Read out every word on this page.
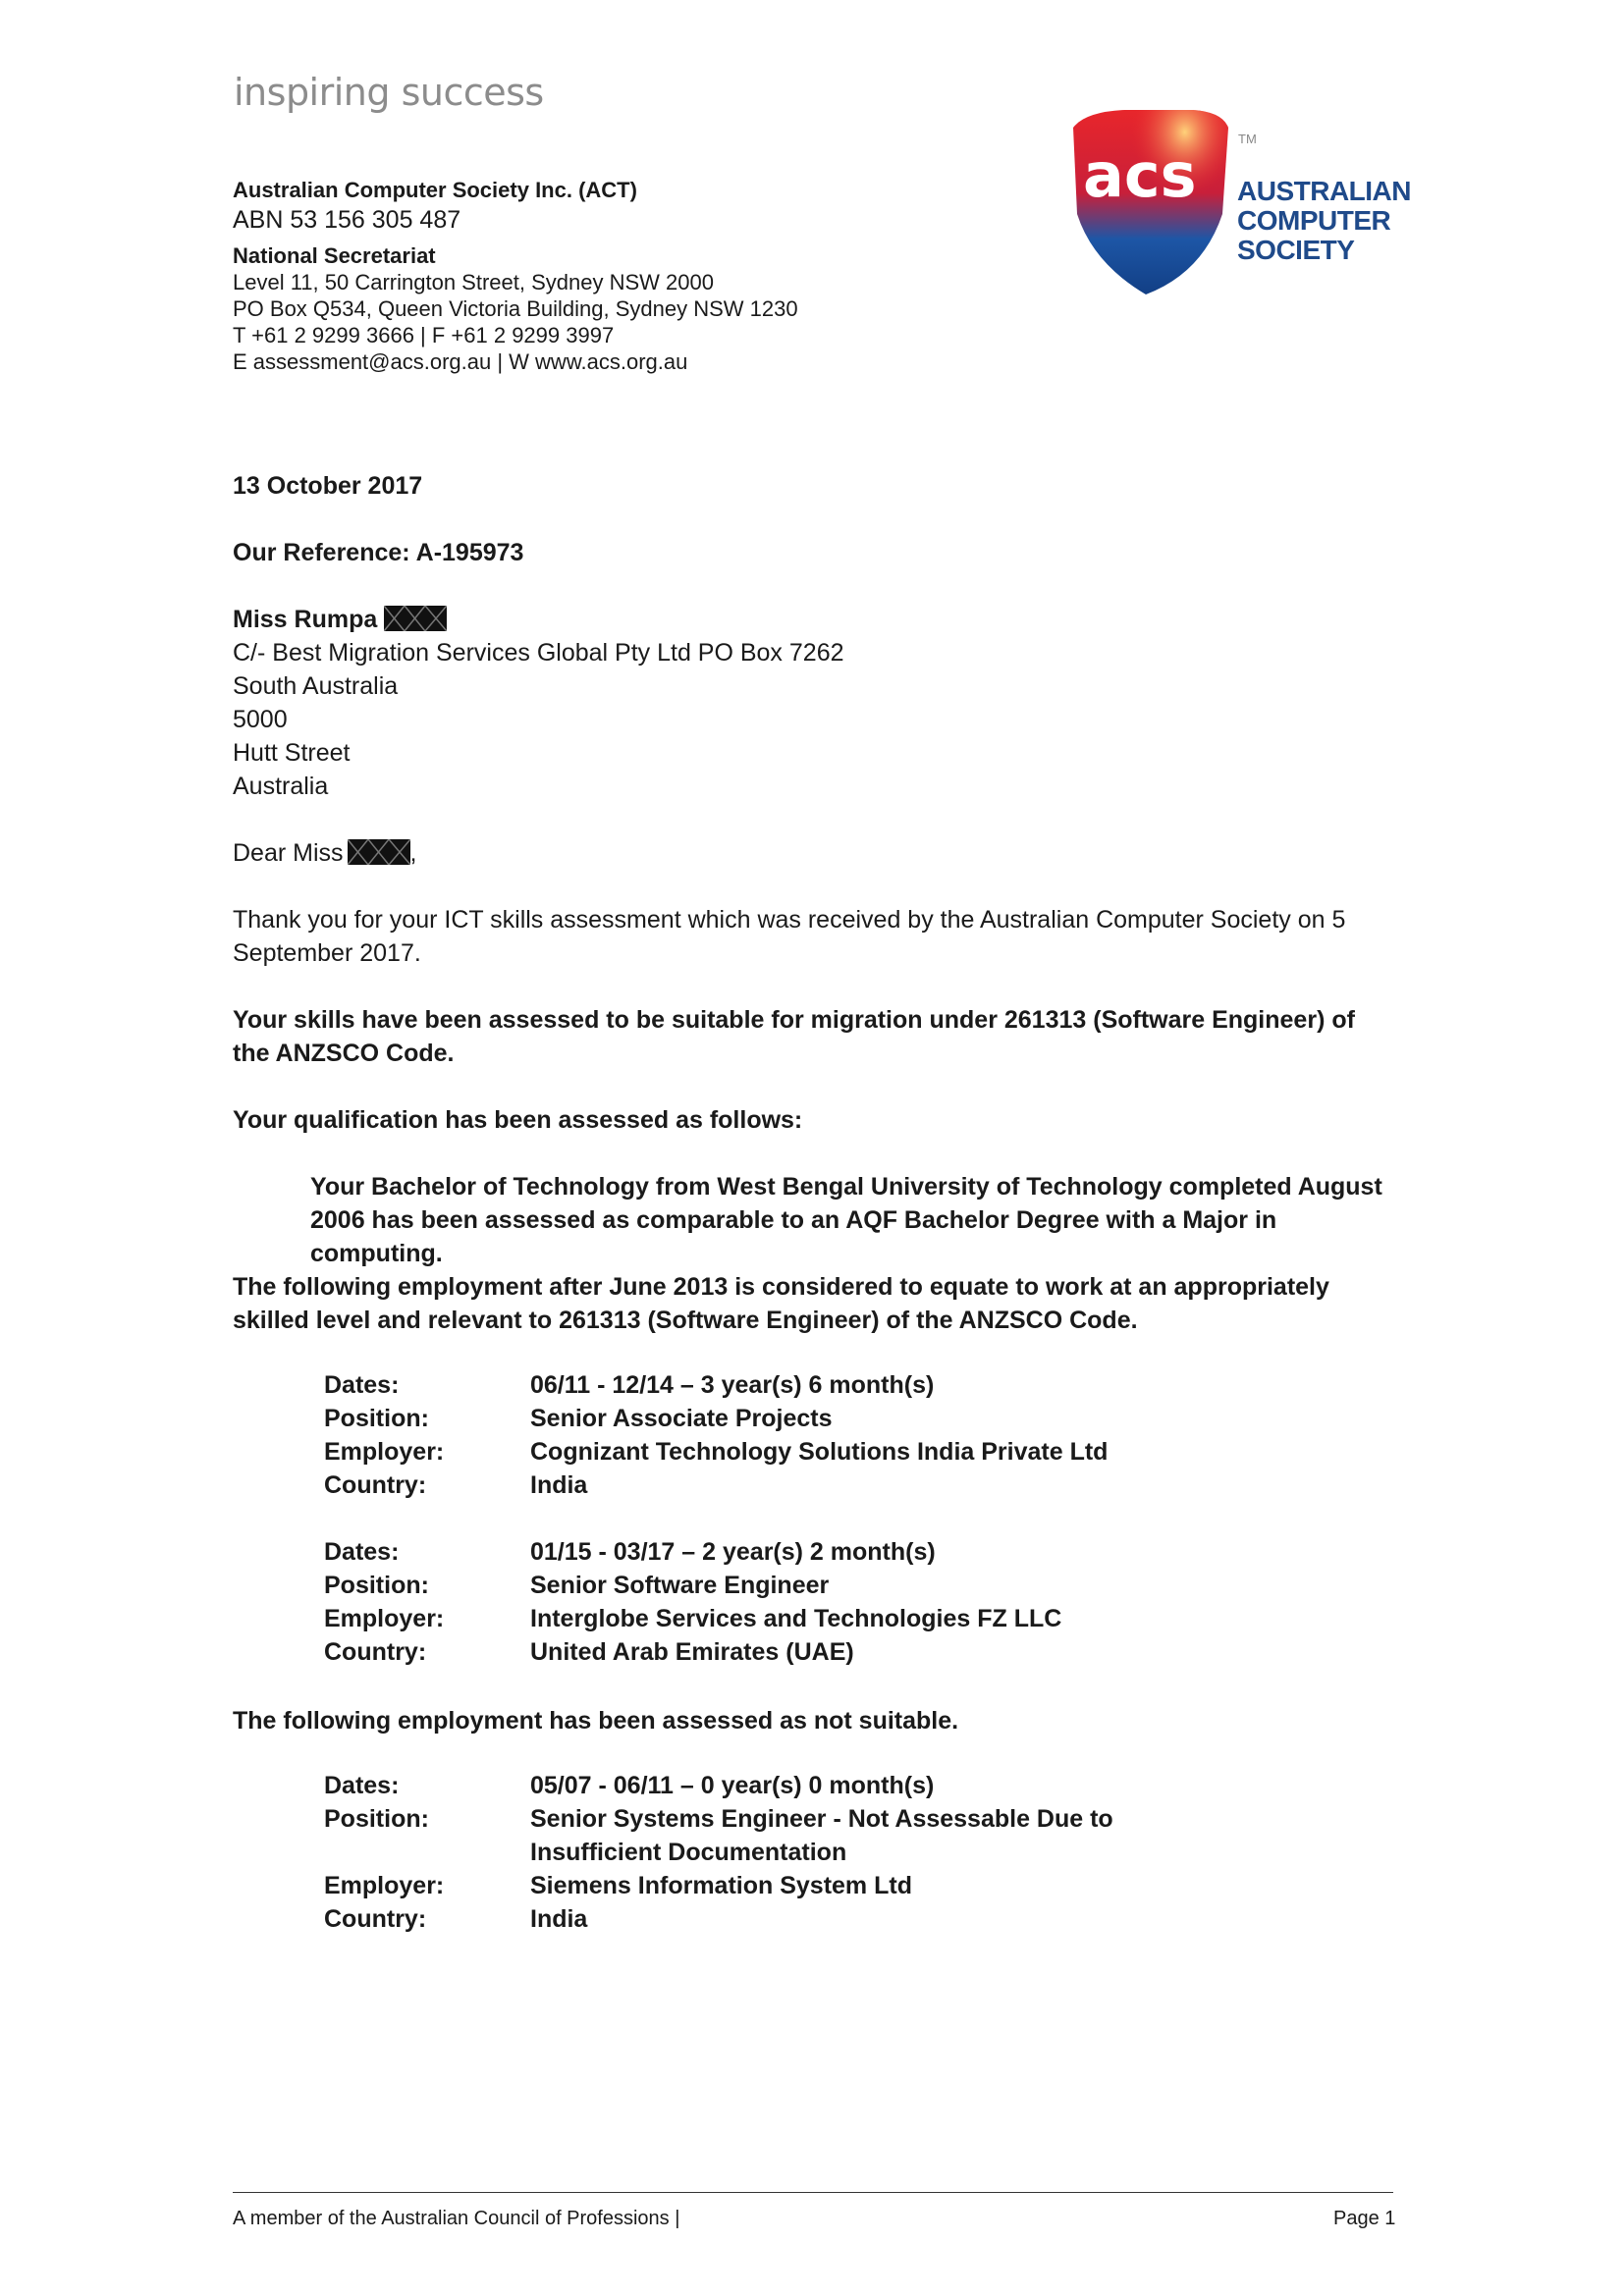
inspiring success
Australian Computer Society Inc. (ACT)
ABN 53 156 305 487
National Secretariat
Level 11, 50 Carrington Street, Sydney NSW 2000
PO Box Q534, Queen Victoria Building, Sydney NSW 1230
T +61 2 9299 3666 | F +61 2 9299 3997
E assessment@acs.org.au | W www.acs.org.au
acs
TM
AUSTRALIAN
COMPUTER
SOCIETY
13 October 2017
Our Reference: A-195973
Miss Rumpa
C/- Best Migration Services Global Pty Ltd PO Box 7262
South Australia
5000
Hutt Street
Australia
Dear Miss	,
Thank you for your ICT skills assessment which was received by the Australian Computer Society on 5 September 2017.
Your skills have been assessed to be suitable for migration under 261313 (Software Engineer) of the ANZSCO Code.
Your qualification has been assessed as follows:
Your Bachelor of Technology from West Bengal University of Technology completed August 2006 has been assessed as comparable to an AQF Bachelor Degree with a Major in computing.
The following employment after June 2013 is considered to equate to work at an appropriately skilled level and relevant to 261313 (Software Engineer) of the ANZSCO Code.
Dates:	06/11 - 12/14 – 3 year(s) 6 month(s)
Position:	Senior Associate Projects
Employer:	Cognizant Technology Solutions India Private Ltd
Country:	India
Dates:	01/15 - 03/17 – 2 year(s) 2 month(s)
Position:	Senior Software Engineer
Employer:	Interglobe Services and Technologies FZ LLC
Country:	United Arab Emirates (UAE)
The following employment has been assessed as not suitable.
Dates:	05/07 - 06/11 – 0 year(s) 0 month(s)
Position:	Senior Systems Engineer - Not Assessable Due to Insufficient Documentation
Employer:	Siemens Information System Ltd
Country:	India
A member of the Australian Council of Professions |	Page 1
